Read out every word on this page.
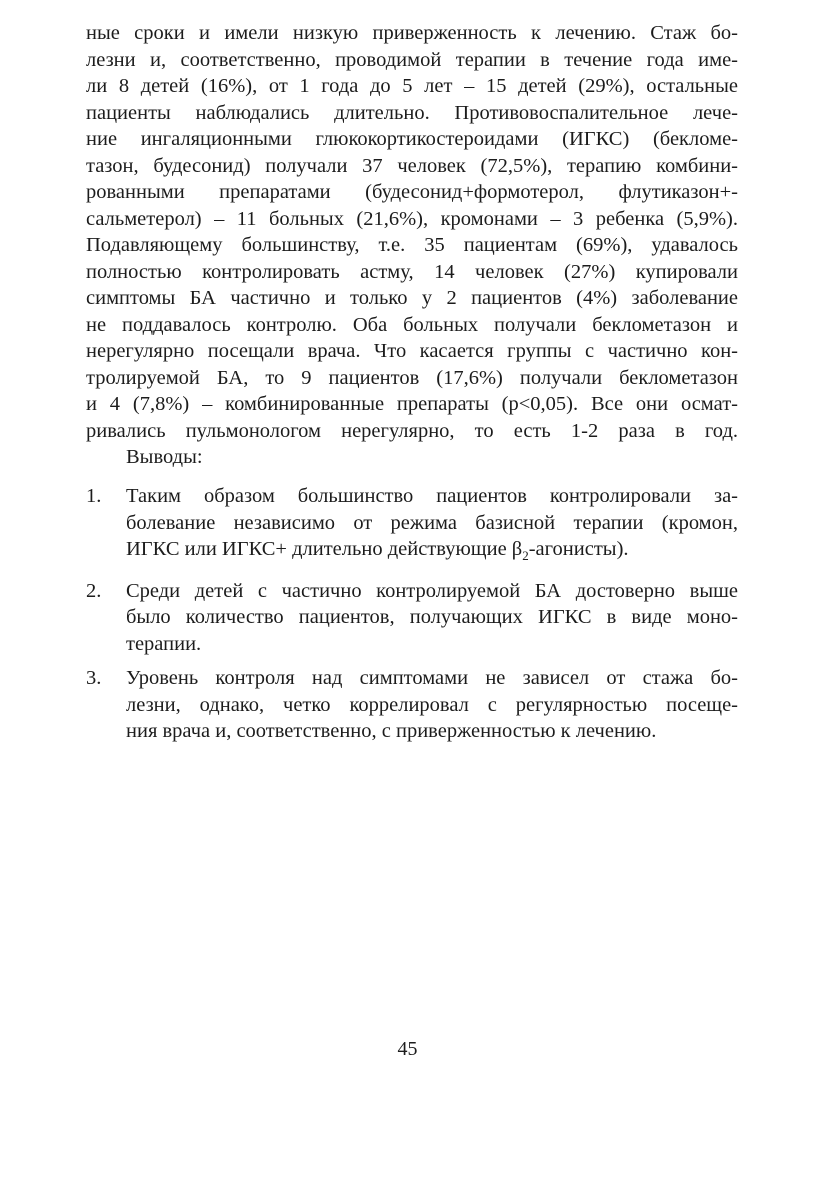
ные сроки и имели низкую приверженность к лечению. Стаж бо-
лезни и, соответственно, проводимой терапии в течение года име-
ли 8 детей (16%), от 1 года до 5 лет – 15 детей (29%), остальные
пациенты наблюдались длительно. Противовоспалительное лече-
ние ингаляционными глюкокортикостероидами (ИГКС) (бекломе-
тазон, будесонид) получали 37 человек (72,5%), терапию комбини-
рованными препаратами (будесонид+формотерол, флутиказон+-
сальметерол) – 11 больных (21,6%), кромонами – 3 ребенка (5,9%).
Подавляющему большинству, т.е. 35 пациентам (69%), удавалось
полностью контролировать астму, 14 человек (27%) купировали
симптомы БА частично и только у 2 пациентов (4%) заболевание
не поддавалось контролю. Оба больных получали беклометазон и
нерегулярно посещали врача. Что касается группы с частично кон-
тролируемой БА, то 9 пациентов (17,6%) получали беклометазон
и 4 (7,8%) – комбинированные препараты (p<0,05). Все они осмат-
ривались пульмонологом нерегулярно, то есть 1-2 раза в год.
Выводы:
1. Таким образом большинство пациентов контролировали за-
болевание независимо от режима базисной терапии (кромон,
ИГКС или ИГКС+ длительно действующие $\beta_2-агонисты$).
2. Среди детей с частично контролируемой БА достоверно выше
было количество пациентов, получающих ИГКС в виде моно-
терапии.
3. Уровень контроля над симптомами не зависел от стажа бо-
лезни, однако, четко коррелировал с регулярностью посеще-
ния врача и, соответственно, с приверженностью к лечению.
45
